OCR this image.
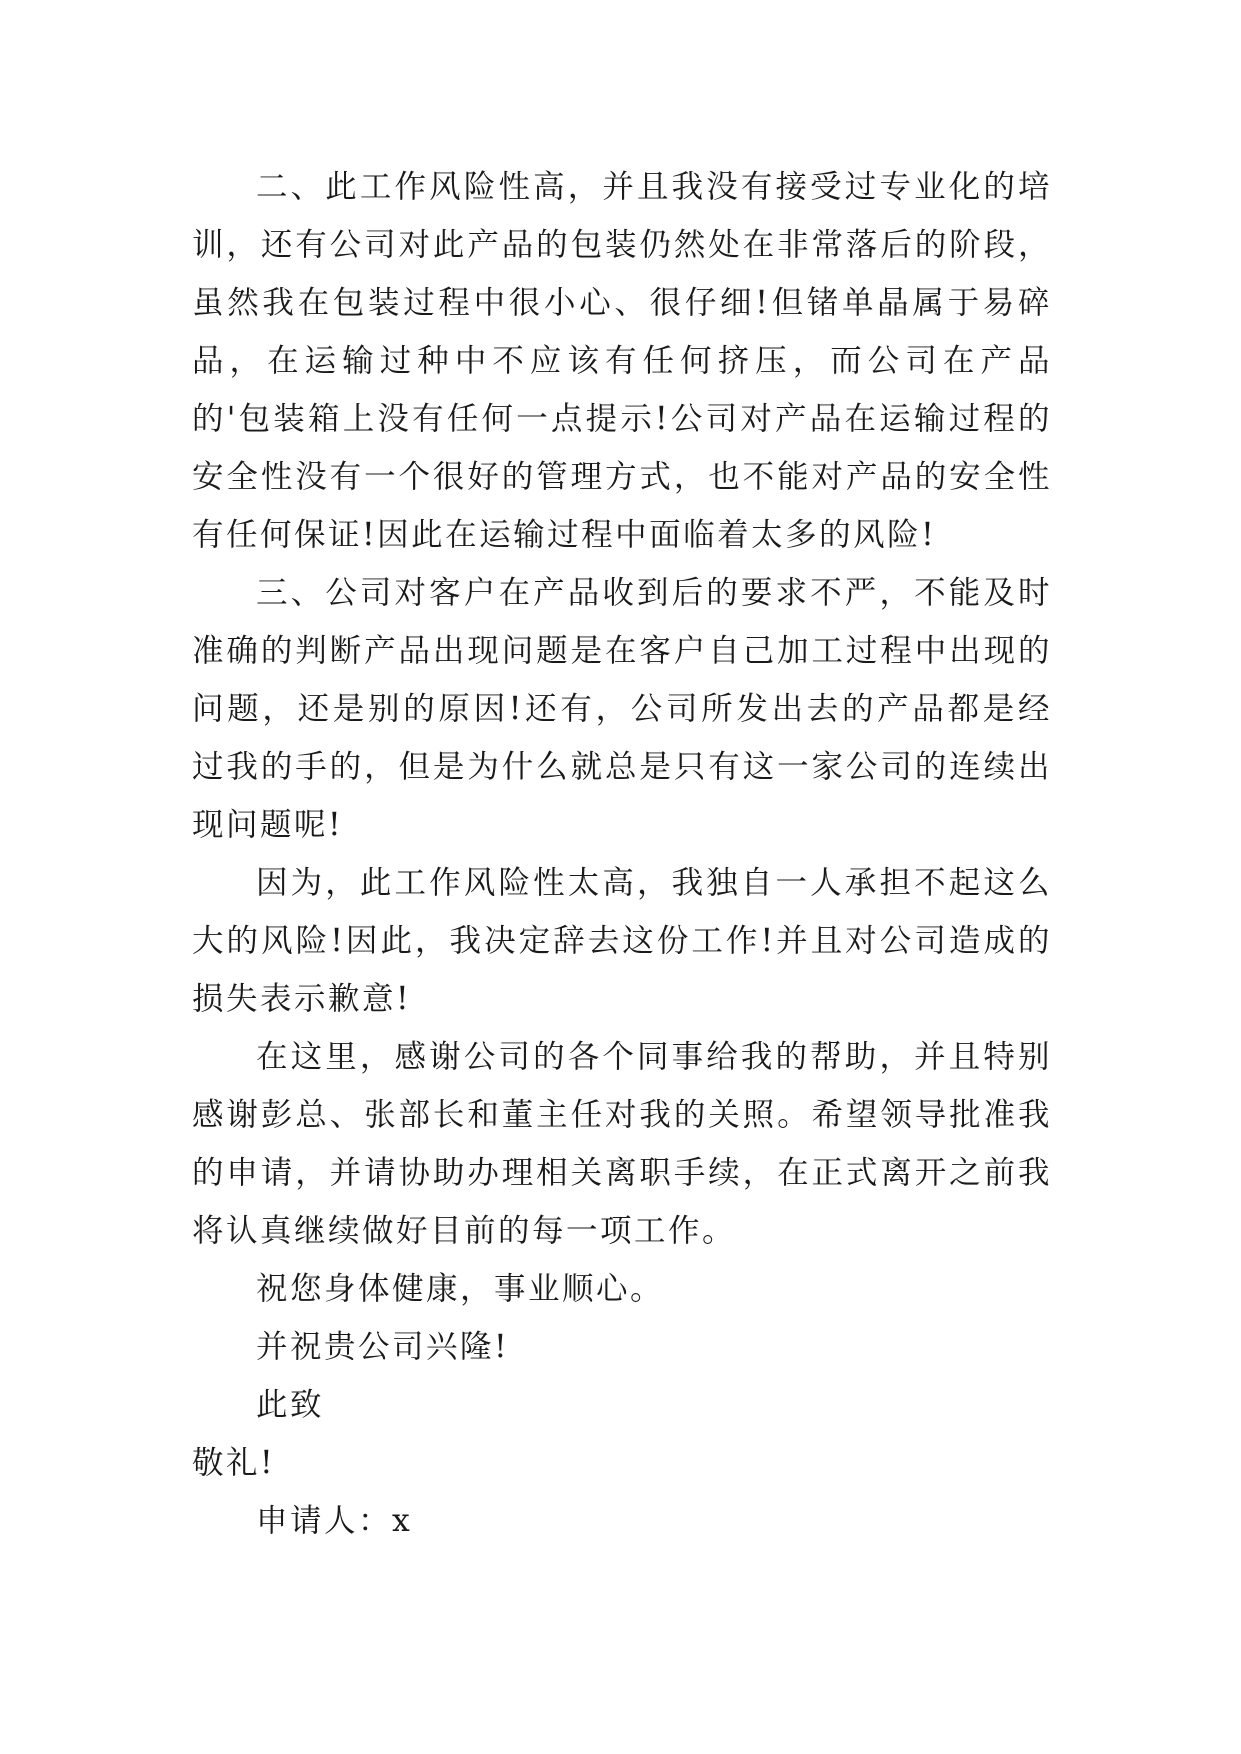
二、此工作风险性高，并且我没有接受过专业化的培训，还有公司对此产品的包装仍然处在非常落后的阶段，虽然我在包装过程中很小心、很仔细!但锗单晶属于易碎品，在运输过种中不应该有任何挤压，而公司在产品的'包装箱上没有任何一点提示!公司对产品在运输过程的安全性没有一个很好的管理方式，也不能对产品的安全性有任何保证!因此在运输过程中面临着太多的风险!

三、公司对客户在产品收到后的要求不严，不能及时准确的判断产品出现问题是在客户自己加工过程中出现的问题，还是别的原因!还有，公司所发出去的产品都是经过我的手的，但是为什么就总是只有这一家公司的连续出现问题呢!

因为，此工作风险性太高，我独自一人承担不起这么大的风险!因此，我决定辞去这份工作!并且对公司造成的损失表示歉意!

在这里，感谢公司的各个同事给我的帮助，并且特别感谢彭总、张部长和董主任对我的关照。希望领导批准我的申请，并请协助办理相关离职手续，在正式离开之前我将认真继续做好目前的每一项工作。

祝您身体健康，事业顺心。

并祝贵公司兴隆!

此致

敬礼!

申请人：x
